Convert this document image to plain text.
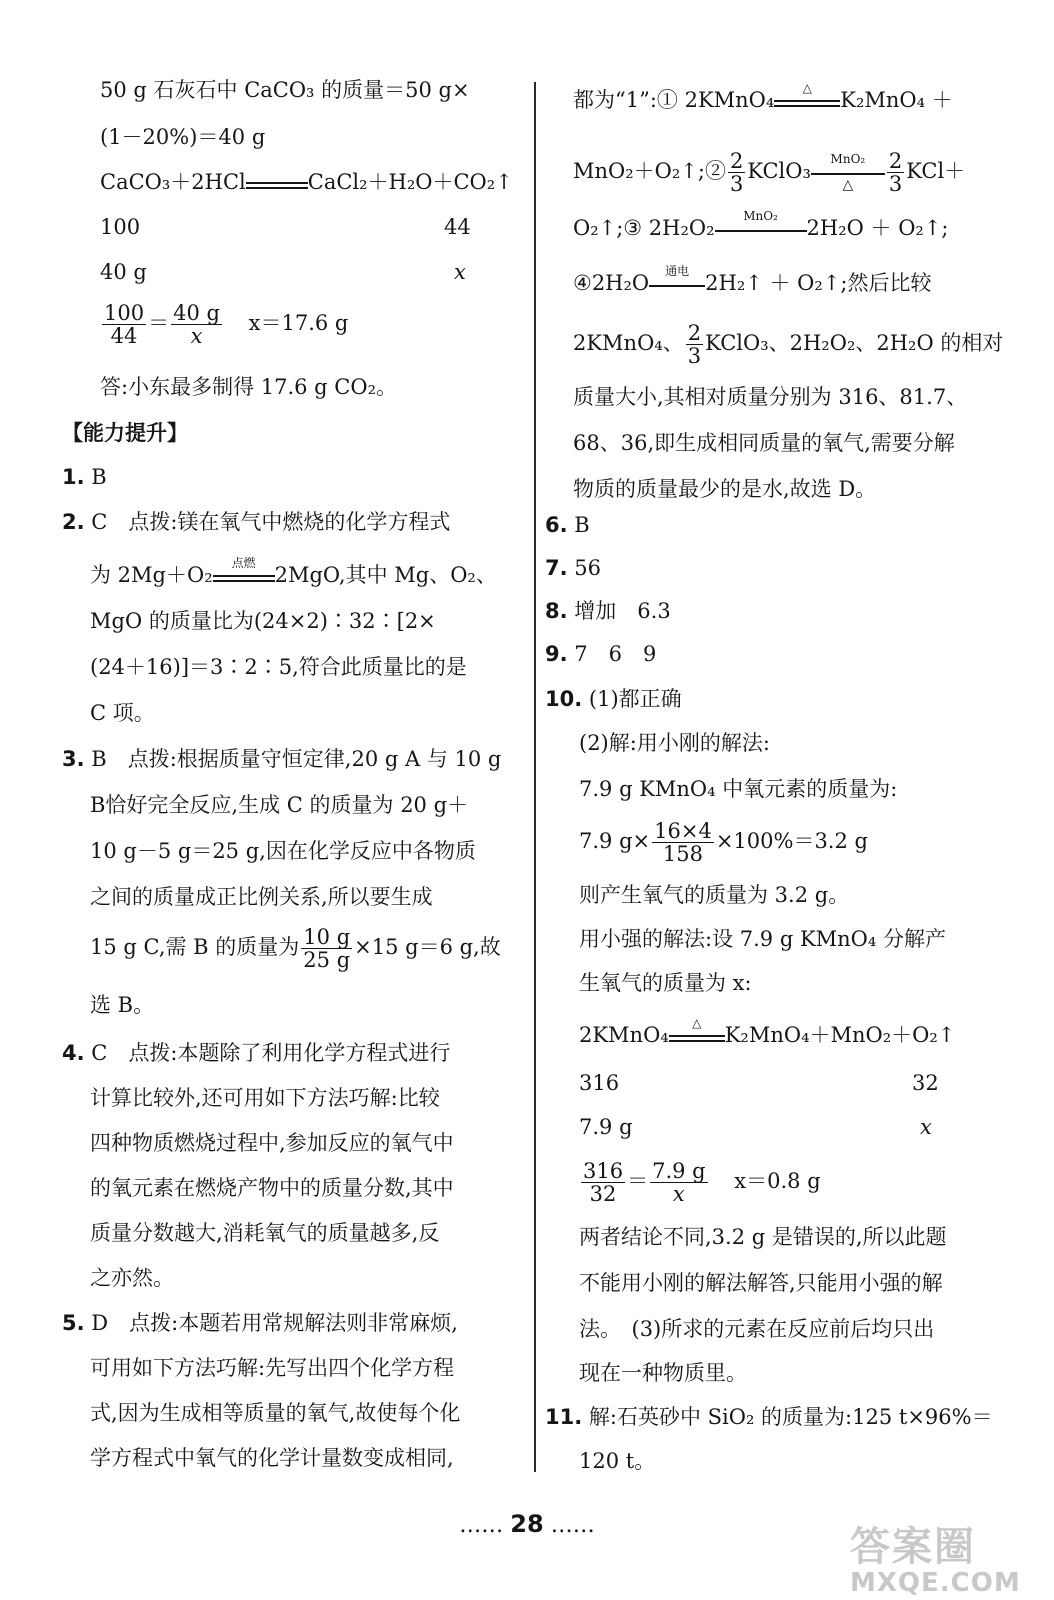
50 g 石灰石中 CaCO₃ 的质量＝50 g×
(1－20%)＝40 g
CaCO₃＋2HCl	CaCl₂＋H₂O＋CO₂↑
100	44
40 g	x
$\frac{100}{44} = \frac{40 g}{x} x=17.6$ g
答:小东最多制得 17.6 g CO₂。
【能力提升】
1. B
2. C　点拨:镁在氧气中燃烧的化学方程式
为 2Mg＋O₂
点燃
2MgO,其中 Mg、O₂、
MgO 的质量比为(24×2)∶32∶[2×
(24＋16)]＝3∶2∶5,符合此质量比的是
C 项。
3. B　点拨:根据质量守恒定律,20 g A 与 10 g
B恰好完全反应,生成 C 的质量为 20 g＋
10 g－5 g＝25 g,因在化学反应中各物质
之间的质量成正比例关系,所以要生成
15 g C,需 B 的质量为 $\frac{10 g}{25 g} \times 15$ g＝6 g,故
选 B。
4. C　点拨:本题除了利用化学方程式进行
计算比较外,还可用如下方法巧解:比较
四种物质燃烧过程中,参加反应的氧气中
的氧元素在燃烧产物中的质量分数,其中
质量分数越大,消耗氧气的质量越多,反
之亦然。
5. D　点拨:本题若用常规解法则非常麻烦,
可用如下方法巧解:先写出四个化学方程
式,因为生成相等质量的氧气,故使每个化
学方程式中氧气的化学计量数变成相同,
都为“1”:① 2KMnO₄
△
K₂MnO₄ ＋
MnO₂＋O₂↑;② $\frac{2}{3}$ KClO₃
MnO₂
△	$\frac{2}{3} KCl+$
O₂↑;③ 2H₂O₂
MnO₂
2H₂O ＋ O₂↑;
④2H₂O
通电
2H₂↑ ＋ O₂↑;然后比较
2KMnO₄、 $\frac{2}{3}$ KClO₃、2H₂O₂、2H₂O 的相对
质量大小,其相对质量分别为 316、81.7、
68、36,即生成相同质量的氧气,需要分解
物质的质量最少的是水,故选 D。
6. B
7. 56
8. 增加　6.3
9. 7　6　9
10. (1)都正确
(2)解:用小刚的解法:
7.9 g KMnO₄ 中氧元素的质量为:
7.9 $g\times \frac{16\times 4}{158} \times 100\%=3.2$ g
则产生氧气的质量为 3.2 g。
用小强的解法:设 7.9 g KMnO₄ 分解产
生氧气的质量为 x:
2KMnO₄
△
K₂MnO₄＋MnO₂＋O₂↑
316	32
7.9 g	x
$\frac{316}{32} = \frac{7.9 g}{x} x=0.8$ g
两者结论不同,3.2 g 是错误的,所以此题
不能用小刚的解法解答,只能用小强的解
法。　(3)所求的元素在反应前后均只出
现在一种物质里。
11. 解:石英砂中 SiO₂ 的质量为:125 t×96%＝
120 t。
…… 28 ……	答案圈
MXQE.COM
